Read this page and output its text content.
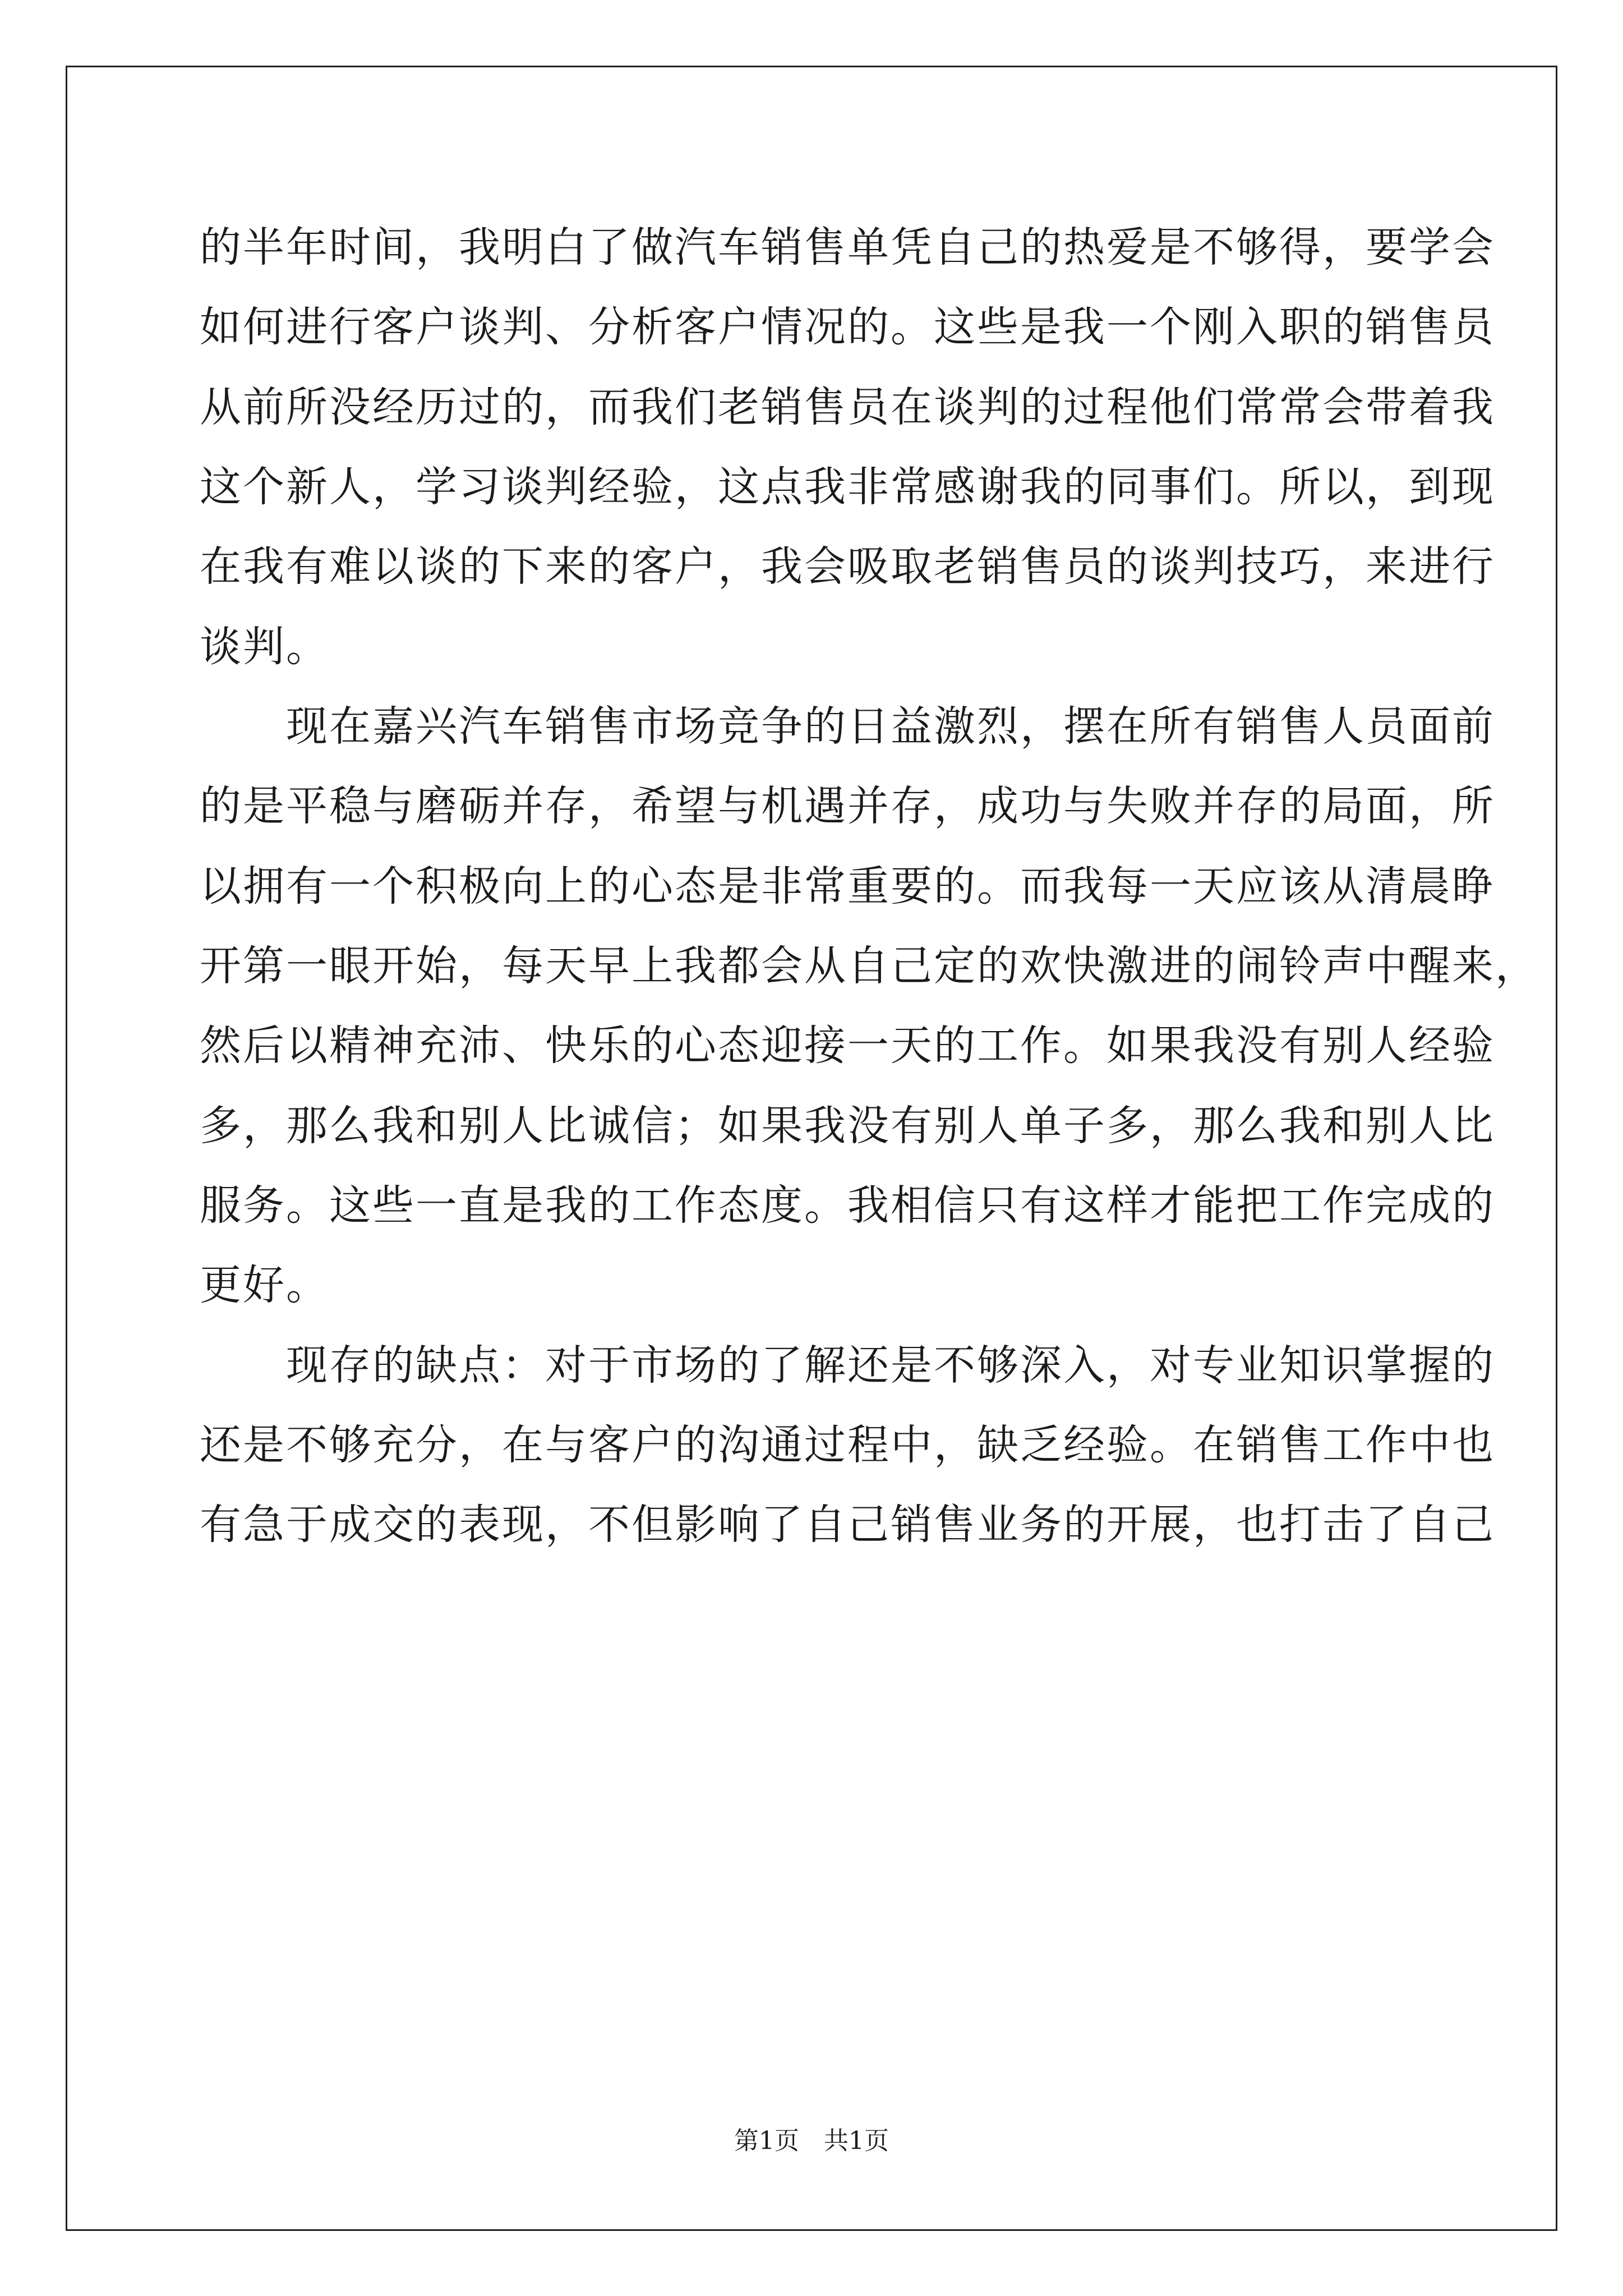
的半年时间，我明白了做汽车销售单凭自己的热爱是不够得，要学会

如何进行客户谈判、分析客户情况的。这些是我一个刚入职的销售员

从前所没经历过的，而我们老销售员在谈判的过程他们常常会带着我

这个新人，学习谈判经验，这点我非常感谢我的同事们。所以，到现

在我有难以谈的下来的客户，我会吸取老销售员的谈判技巧，来进行

谈判。

　　现在嘉兴汽车销售市场竞争的日益激烈，摆在所有销售人员面前

的是平稳与磨砺并存，希望与机遇并存，成功与失败并存的局面，所

以拥有一个积极向上的心态是非常重要的。而我每一天应该从清晨睁

开第一眼开始，每天早上我都会从自己定的欢快激进的闹铃声中醒来，

然后以精神充沛、快乐的心态迎接一天的工作。如果我没有别人经验

多，那么我和别人比诚信；如果我没有别人单子多，那么我和别人比

服务。这些一直是我的工作态度。我相信只有这样才能把工作完成的

更好。

　　现存的缺点：对于市场的了解还是不够深入，对专业知识掌握的

还是不够充分，在与客户的沟通过程中，缺乏经验。在销售工作中也

有急于成交的表现，不但影响了自己销售业务的开展，也打击了自己

第1页　共1页
